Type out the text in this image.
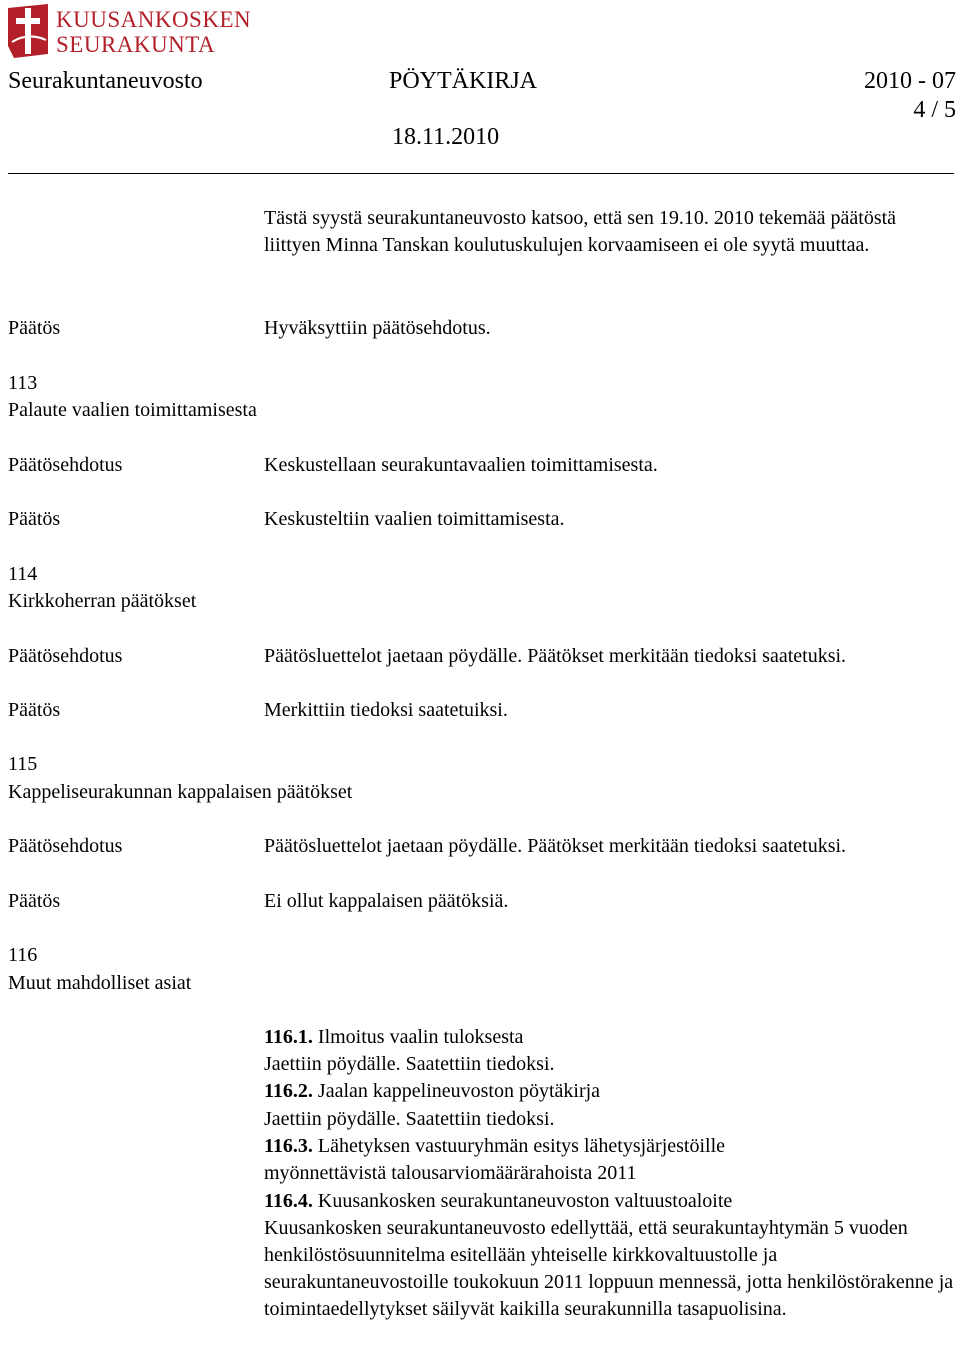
KUUSANKOSKEN
SEURAKUNTA
Seurakuntaneuvosto	PÖYTÄKIRJA	2010 - 07
4 / 5
18.11.2010
Tästä syystä seurakuntaneuvosto katsoo, että sen 19.10. 2010 tekemää päätöstä liittyen Minna Tanskan koulutuskulujen korvaamiseen ei ole syytä muuttaa.
Päätös	Hyväksyttiin päätösehdotus.
113
Palaute vaalien toimittamisesta
Päätösehdotus	Keskustellaan seurakuntavaalien toimittamisesta.
Päätös	Keskusteltiin vaalien toimittamisesta.
114
Kirkkoherran päätökset
Päätösehdotus	Päätösluettelot jaetaan pöydälle. Päätökset merkitään tiedoksi saatetuksi.
Päätös	Merkittiin tiedoksi saatetuiksi.
115
Kappeliseurakunnan kappalaisen päätökset
Päätösehdotus	Päätösluettelot jaetaan pöydälle. Päätökset merkitään tiedoksi saatetuksi.
Päätös	Ei ollut kappalaisen päätöksiä.
116
Muut mahdolliset asiat
116.1. Ilmoitus vaalin tuloksesta
Jaettiin pöydälle. Saatettiin tiedoksi.
116.2. Jaalan kappelineuvoston pöytäkirja
Jaettiin pöydälle. Saatettiin tiedoksi.
116.3. Lähetyksen vastuuryhmän esitys lähetysjärjestöille myönnettävistä talousarviomäärärahoista 2011
116.4. Kuusankosken seurakuntaneuvoston valtuustoaloite
Kuusankosken seurakuntaneuvosto edellyttää, että seurakuntayhtymän 5 vuoden henkilöstösuunnitelma esitellään yhteiselle kirkkovaltuustolle ja seurakuntaneuvostoille toukokuun 2011 loppuun mennessä, jotta henkilöstörakenne ja toimintaedellytykset säilyvät kaikilla seurakunnilla tasapuolisina.
